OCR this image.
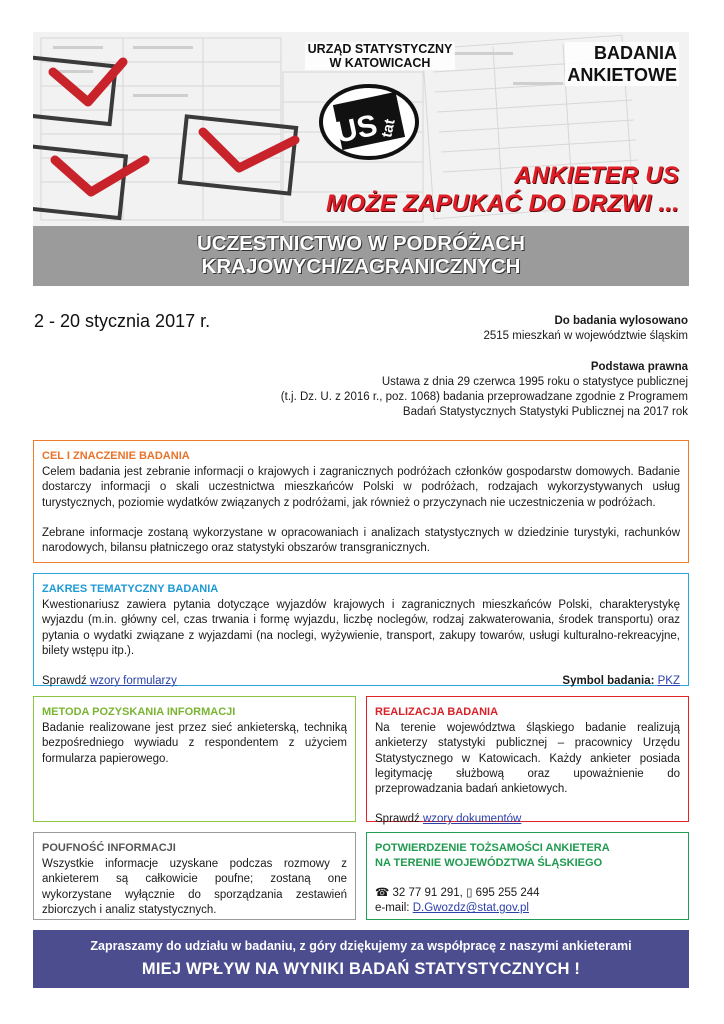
URZĄD STATYSTYCZNY
W KATOWICACH
US
tat
BADANIA
ANKIETOWE
ANKIETER US
MOŻE ZAPUKAĆ DO DRZWI ...
UCZESTNICTWO W PODRÓŻACH
KRAJOWYCH/ZAGRANICZNYCH
2 - 20 stycznia 2017 r.	Do badania wylosowano
2515 mieszkań w województwie śląskim
Podstawa prawna
Ustawa z dnia 29 czerwca 1995 roku o statystyce publicznej
(t.j. Dz. U. z 2016 r., poz. 1068) badania przeprowadzane zgodnie z Programem
Badań Statystycznych Statystyki Publicznej na 2017 rok
CEL I ZNACZENIE BADANIA

Celem badania jest zebranie informacji o krajowych i zagranicznych podróżach członków gospodarstw domowych. Badanie dostarczy informacji o skali uczestnictwa mieszkańców Polski w podróżach, rodzajach wykorzystywanych usług turystycznych, poziomie wydatków związanych z podróżami, jak również o przyczynach nie uczestniczenia w podróżach.

Zebrane informacje zostaną wykorzystane w opracowaniach i analizach statystycznych w dziedzinie turystyki, rachunków narodowych, bilansu płatniczego oraz statystyki obszarów transgranicznych.

ZAKRES TEMATYCZNY BADANIA

Kwestionariusz zawiera pytania dotyczące wyjazdów krajowych i zagranicznych mieszkańców Polski, charakterystykę wyjazdu (m.in. główny cel, czas trwania i formę wyjazdu, liczbę noclegów, rodzaj zakwaterowania, środek transportu) oraz pytania o wydatki związane z wyjazdami (na noclegi, wyżywienie, transport, zakupy towarów, usługi kulturalno-rekreacyjne, bilety wstępu itp.).

Sprawdź wzory formularzy	Symbol badania: PKZ
METODA POZYSKANIA INFORMACJI

Badanie realizowane jest przez sieć ankieterską, techniką bezpośredniego wywiadu z respondentem z użyciem formularza papierowego.

REALIZACJA BADANIA

Na terenie województwa śląskiego badanie realizują ankieterzy statystyki publicznej – pracownicy Urzędu Statystycznego w Katowicach. Każdy ankieter posiada legitymację służbową oraz upoważnienie do przeprowadzania badań ankietowych.

Sprawdź wzory dokumentów
POUFNOŚĆ INFORMACJI

Wszystkie informacje uzyskane podczas rozmowy z ankieterem są całkowicie poufne; zostaną one wykorzystane wyłącznie do sporządzania zestawień zbiorczych i analiz statystycznych.

POTWIERDZENIE TOŻSAMOŚCI ANKIETERA
NA TERENIE WOJEWÓDZTWA ŚLĄSKIEGO
☎ 32 77 91 291, ▯ 695 255 244
e-mail: D.Gwozdz@stat.gov.pl
Zapraszamy do udziału w badaniu, z góry dziękujemy za współpracę z naszymi ankieterami
MIEJ WPŁYW NA WYNIKI BADAŃ STATYSTYCZNYCH !
